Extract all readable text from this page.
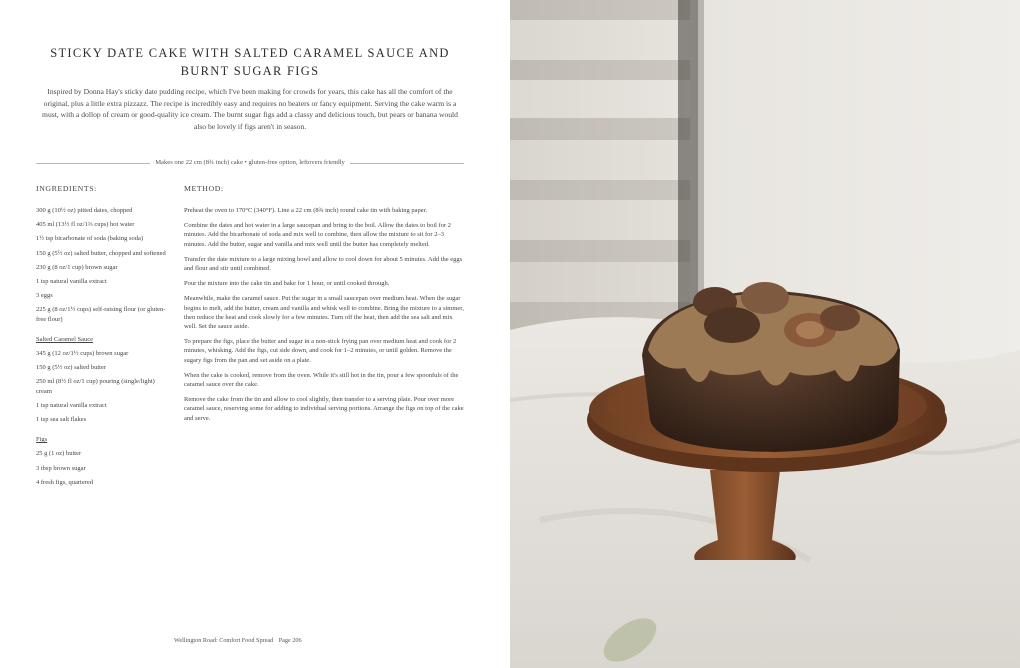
STICKY DATE CAKE WITH SALTED CARAMEL SAUCE AND BURNT SUGAR FIGS
Inspired by Donna Hay's sticky date pudding recipe, which I've been making for crowds for years, this cake has all the comfort of the original, plus a little extra pizzazz. The recipe is incredibly easy and requires no beaters or fancy equipment. Serving the cake warm is a must, with a dollop of cream or good-quality ice cream. The burnt sugar figs add a classy and delicious touch, but pears or banana would also be lovely if figs aren't in season.
Makes one 22 cm (8¾ inch) cake • gluten-free option, leftovers friendly
INGREDIENTS:	METHOD:
300 g (10½ oz) pitted dates, chopped
405 ml (13½ fl oz/1⅔ cups) hot water
1½ tsp bicarbonate of soda (baking soda)
150 g (5½ oz) salted butter, chopped and softened
230 g (8 oz/1 cup) brown sugar
1 tsp natural vanilla extract
3 eggs
225 g (8 oz/1½ cups) self-raising flour (or gluten-free flour)
Salted Caramel Sauce
345 g (12 oz/1½ cups) brown sugar
150 g (5½ oz) salted butter
250 ml (8½ fl oz/1 cup) pouring (single/light) cream
1 tsp natural vanilla extract
1 tsp sea salt flakes
Figs
25 g (1 oz) butter
3 tbsp brown sugar
4 fresh figs, quartered

Preheat the oven to 170°C (340°F). Line a 22 cm (8¾ inch) round cake tin with baking paper.

Combine the dates and hot water in a large saucepan and bring to the boil. Allow the dates to boil for 2 minutes. Add the bicarbonate of soda and mix well to combine, then allow the mixture to sit for 2–3 minutes. Add the butter, sugar and vanilla and mix well until the butter has completely melted.

Transfer the date mixture to a large mixing bowl and allow to cool down for about 5 minutes. Add the eggs and flour and stir until combined.

Pour the mixture into the cake tin and bake for 1 hour, or until cooked through.

Meanwhile, make the caramel sauce. Put the sugar in a small saucepan over medium heat. When the sugar begins to melt, add the butter, cream and vanilla and whisk well to combine. Bring the mixture to a simmer, then reduce the heat and cook slowly for a few minutes. Turn off the heat, then add the sea salt and mix well. Set the sauce aside.

To prepare the figs, place the butter and sugar in a non-stick frying pan over medium heat and cook for 2 minutes, whisking. Add the figs, cut side down, and cook for 1–2 minutes, or until golden. Remove the sugary figs from the pan and set aside on a plate.

When the cake is cooked, remove from the oven. While it's still hot in the tin, pour a few spoonfuls of the caramel sauce over the cake.

Remove the cake from the tin and allow to cool slightly, then transfer to a serving plate. Pour over more caramel sauce, reserving some for adding to individual serving portions. Arrange the figs on top of the cake and serve.

Wellington Road: Comfort Food Spread Page 206
